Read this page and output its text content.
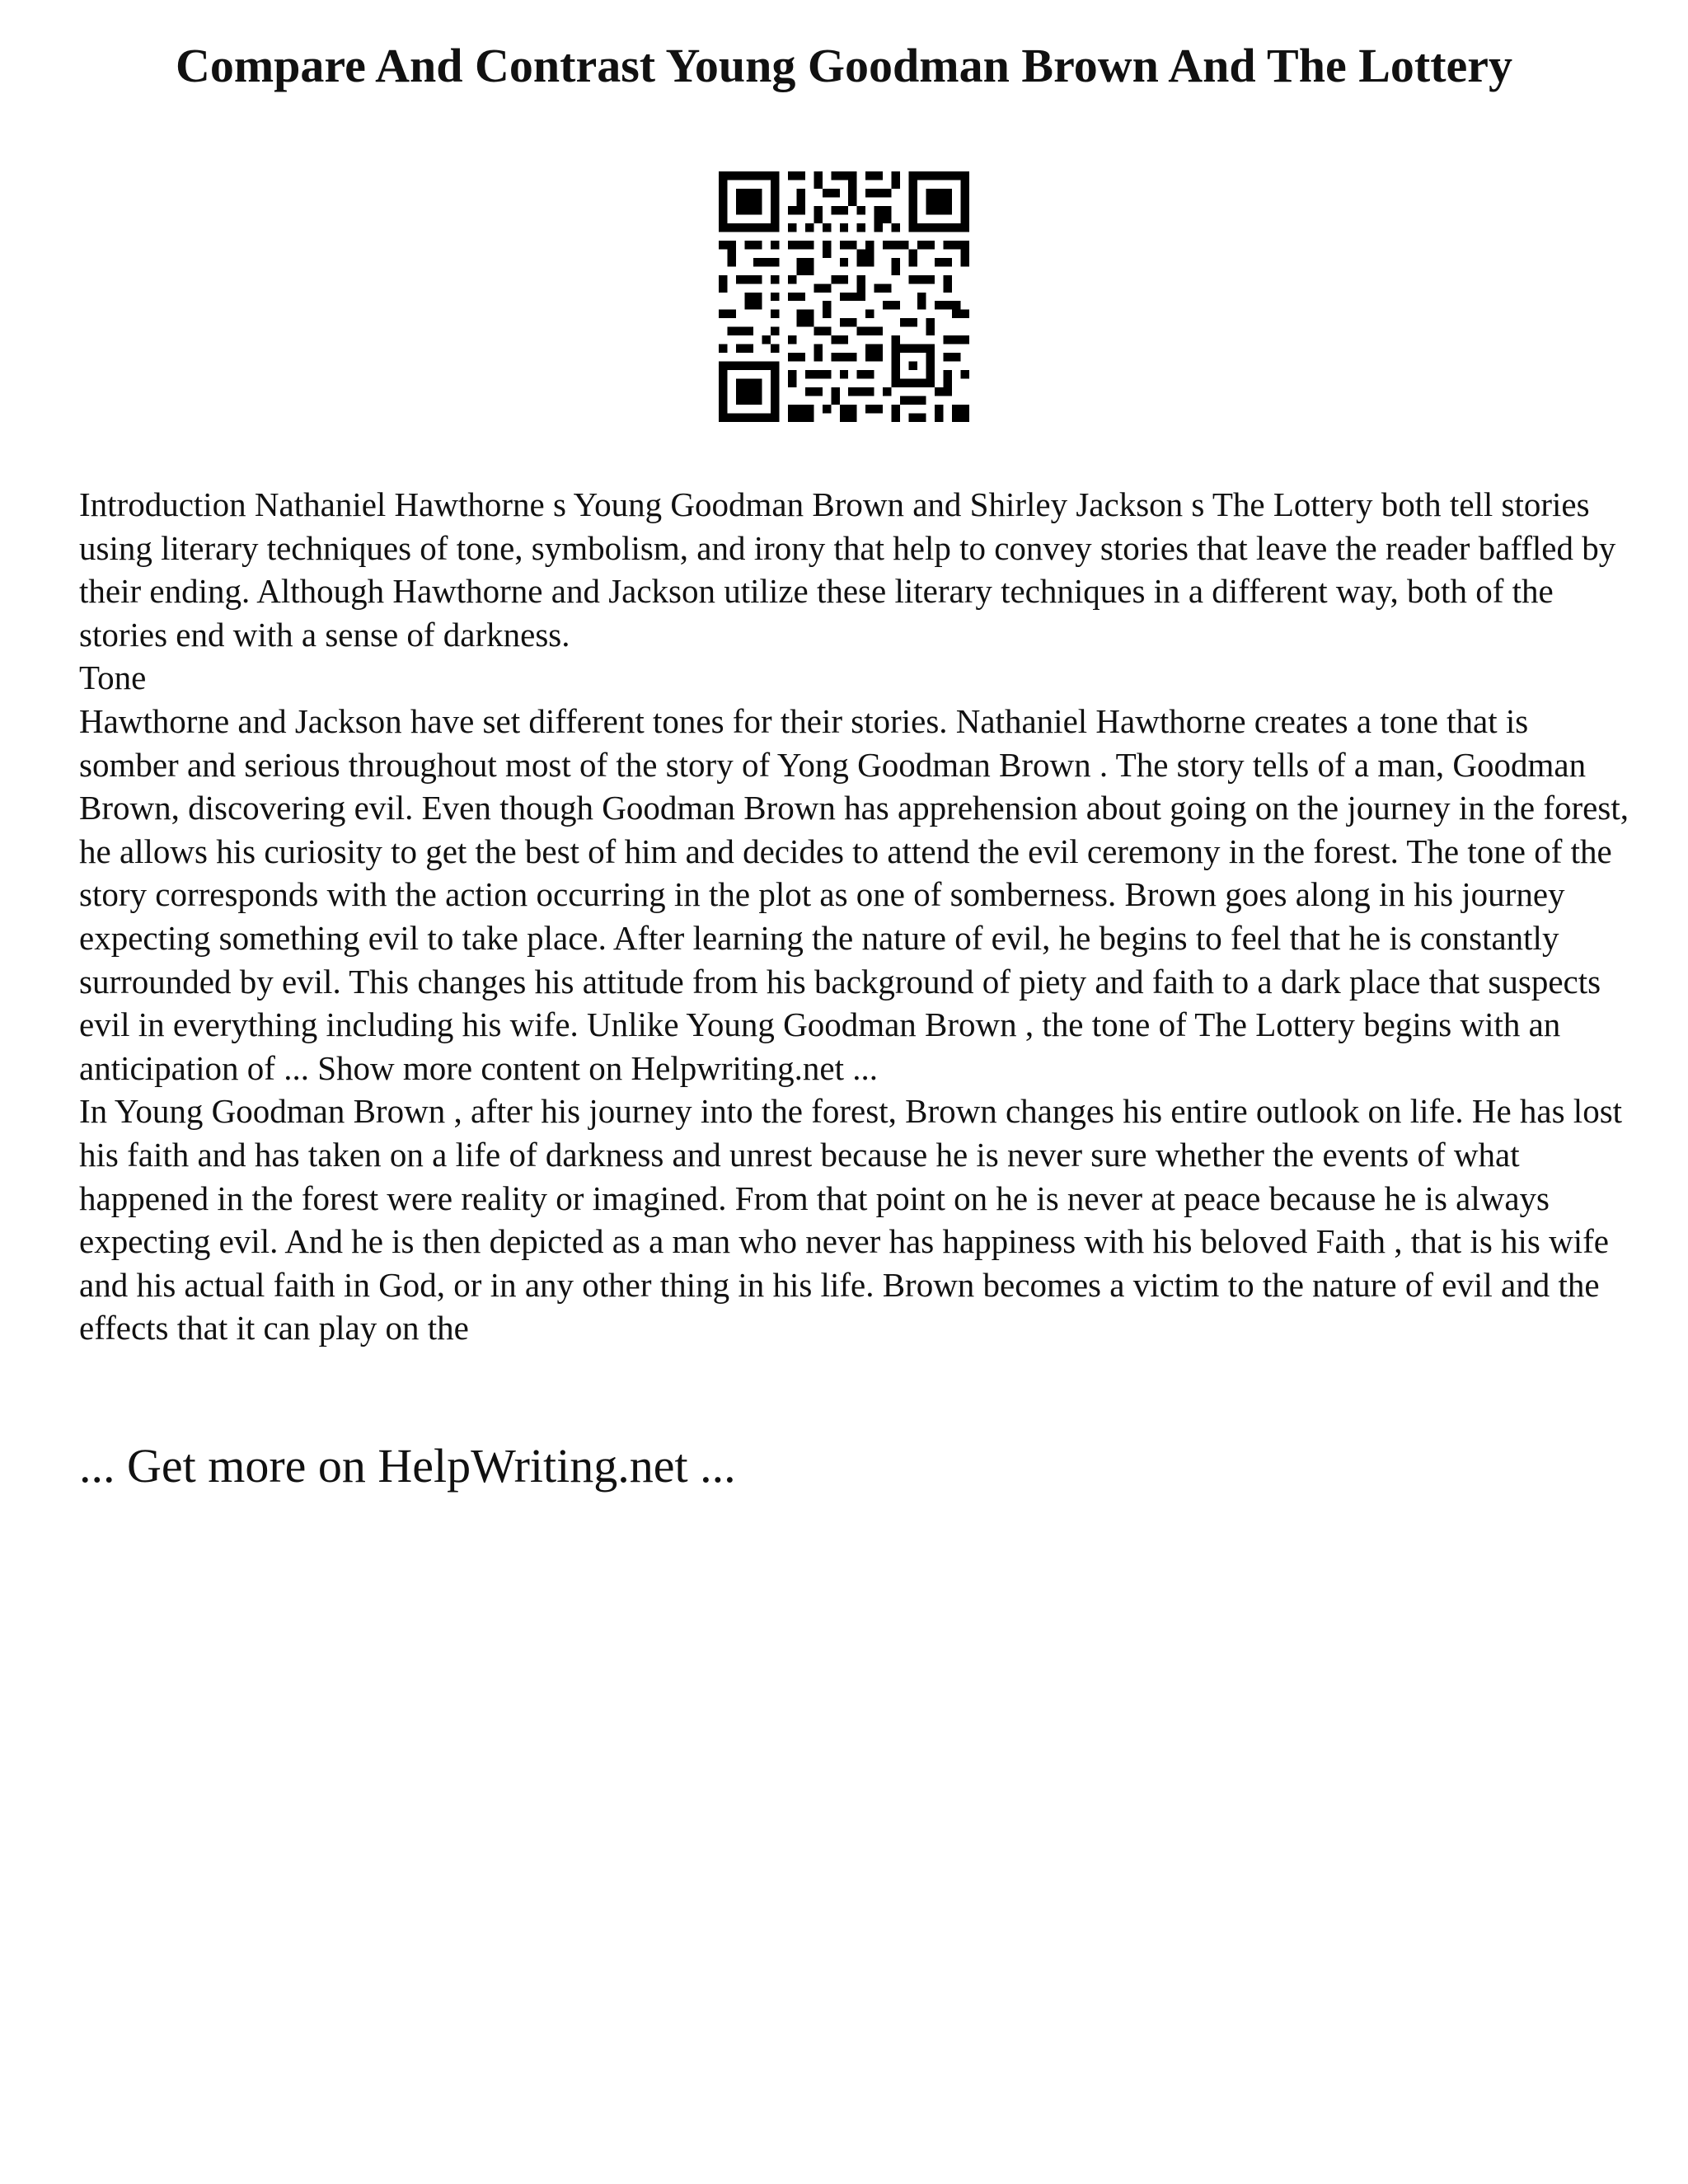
Compare And Contrast Young Goodman Brown And The Lottery

Introduction Nathaniel Hawthorne s Young Goodman Brown and Shirley Jackson s The Lottery both tell stories using literary techniques of tone, symbolism, and irony that help to convey stories that leave the reader baffled by their ending. Although Hawthorne and Jackson utilize these literary techniques in a different way, both of the stories end with a sense of darkness.

Tone

Hawthorne and Jackson have set different tones for their stories. Nathaniel Hawthorne creates a tone that is somber and serious throughout most of the story of Yong Goodman Brown . The story tells of a man, Goodman Brown, discovering evil. Even though Goodman Brown has apprehension about going on the journey in the forest, he allows his curiosity to get the best of him and decides to attend the evil ceremony in the forest. The tone of the story corresponds with the action occurring in the plot as one of somberness. Brown goes along in his journey expecting something evil to take place. After learning the nature of evil, he begins to feel that he is constantly surrounded by evil. This changes his attitude from his background of piety and faith to a dark place that suspects evil in everything including his wife. Unlike Young Goodman Brown , the tone of The Lottery begins with an anticipation of ... Show more content on Helpwriting.net ...

In Young Goodman Brown , after his journey into the forest, Brown changes his entire outlook on life. He has lost his faith and has taken on a life of darkness and unrest because he is never sure whether the events of what happened in the forest were reality or imagined. From that point on he is never at peace because he is always expecting evil. And he is then depicted as a man who never has happiness with his beloved Faith , that is his wife and his actual faith in God, or in any other thing in his life. Brown becomes a victim to the nature of evil and the effects that it can play on the

... Get more on HelpWriting.net ...
